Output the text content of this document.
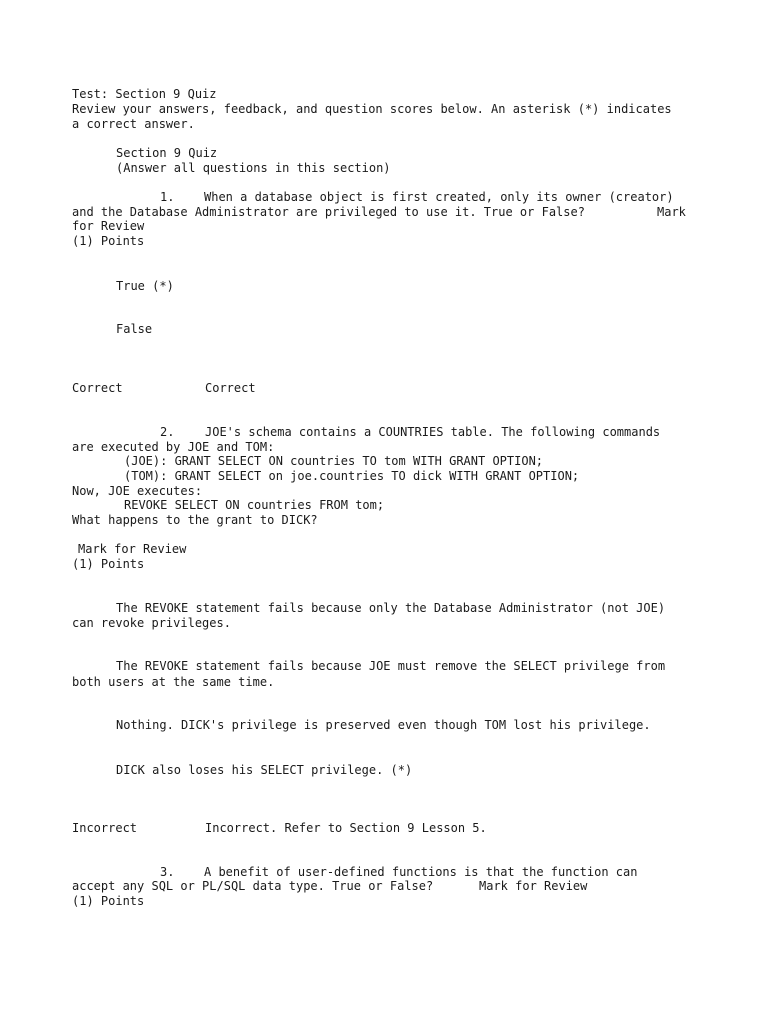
Test: Section 9 Quiz
Review your answers, feedback, and question scores below. An asterisk (*) indicates
a correct answer.
Section 9 Quiz
(Answer all questions in this section)
1. When a database object is first created, only its owner (creator)
and the Database Administrator are privileged to use it. True or False?	Mark
for Review
(1) Points
True (*)
False
Correct	Correct
2.	JOE's schema contains a COUNTRIES table. The following commands
are executed by JOE and TOM:
(JOE): GRANT SELECT ON countries TO tom WITH GRANT OPTION;
(TOM): GRANT SELECT on joe.countries TO dick WITH GRANT OPTION;
Now, JOE executes:
REVOKE SELECT ON countries FROM tom;
What happens to the grant to DICK?
Mark for Review
(1) Points
The REVOKE statement fails because only the Database Administrator (not JOE)
can revoke privileges.
The REVOKE statement fails because JOE must remove the SELECT privilege from
both users at the same time.
Nothing. DICK's privilege is preserved even though TOM lost his privilege.
DICK also loses his SELECT privilege. (*)
Incorrect	Incorrect. Refer to Section 9 Lesson 5.
3. A benefit of user-defined functions is that the function can
accept any SQL or PL/SQL data type. True or False?	Mark for Review
(1) Points
